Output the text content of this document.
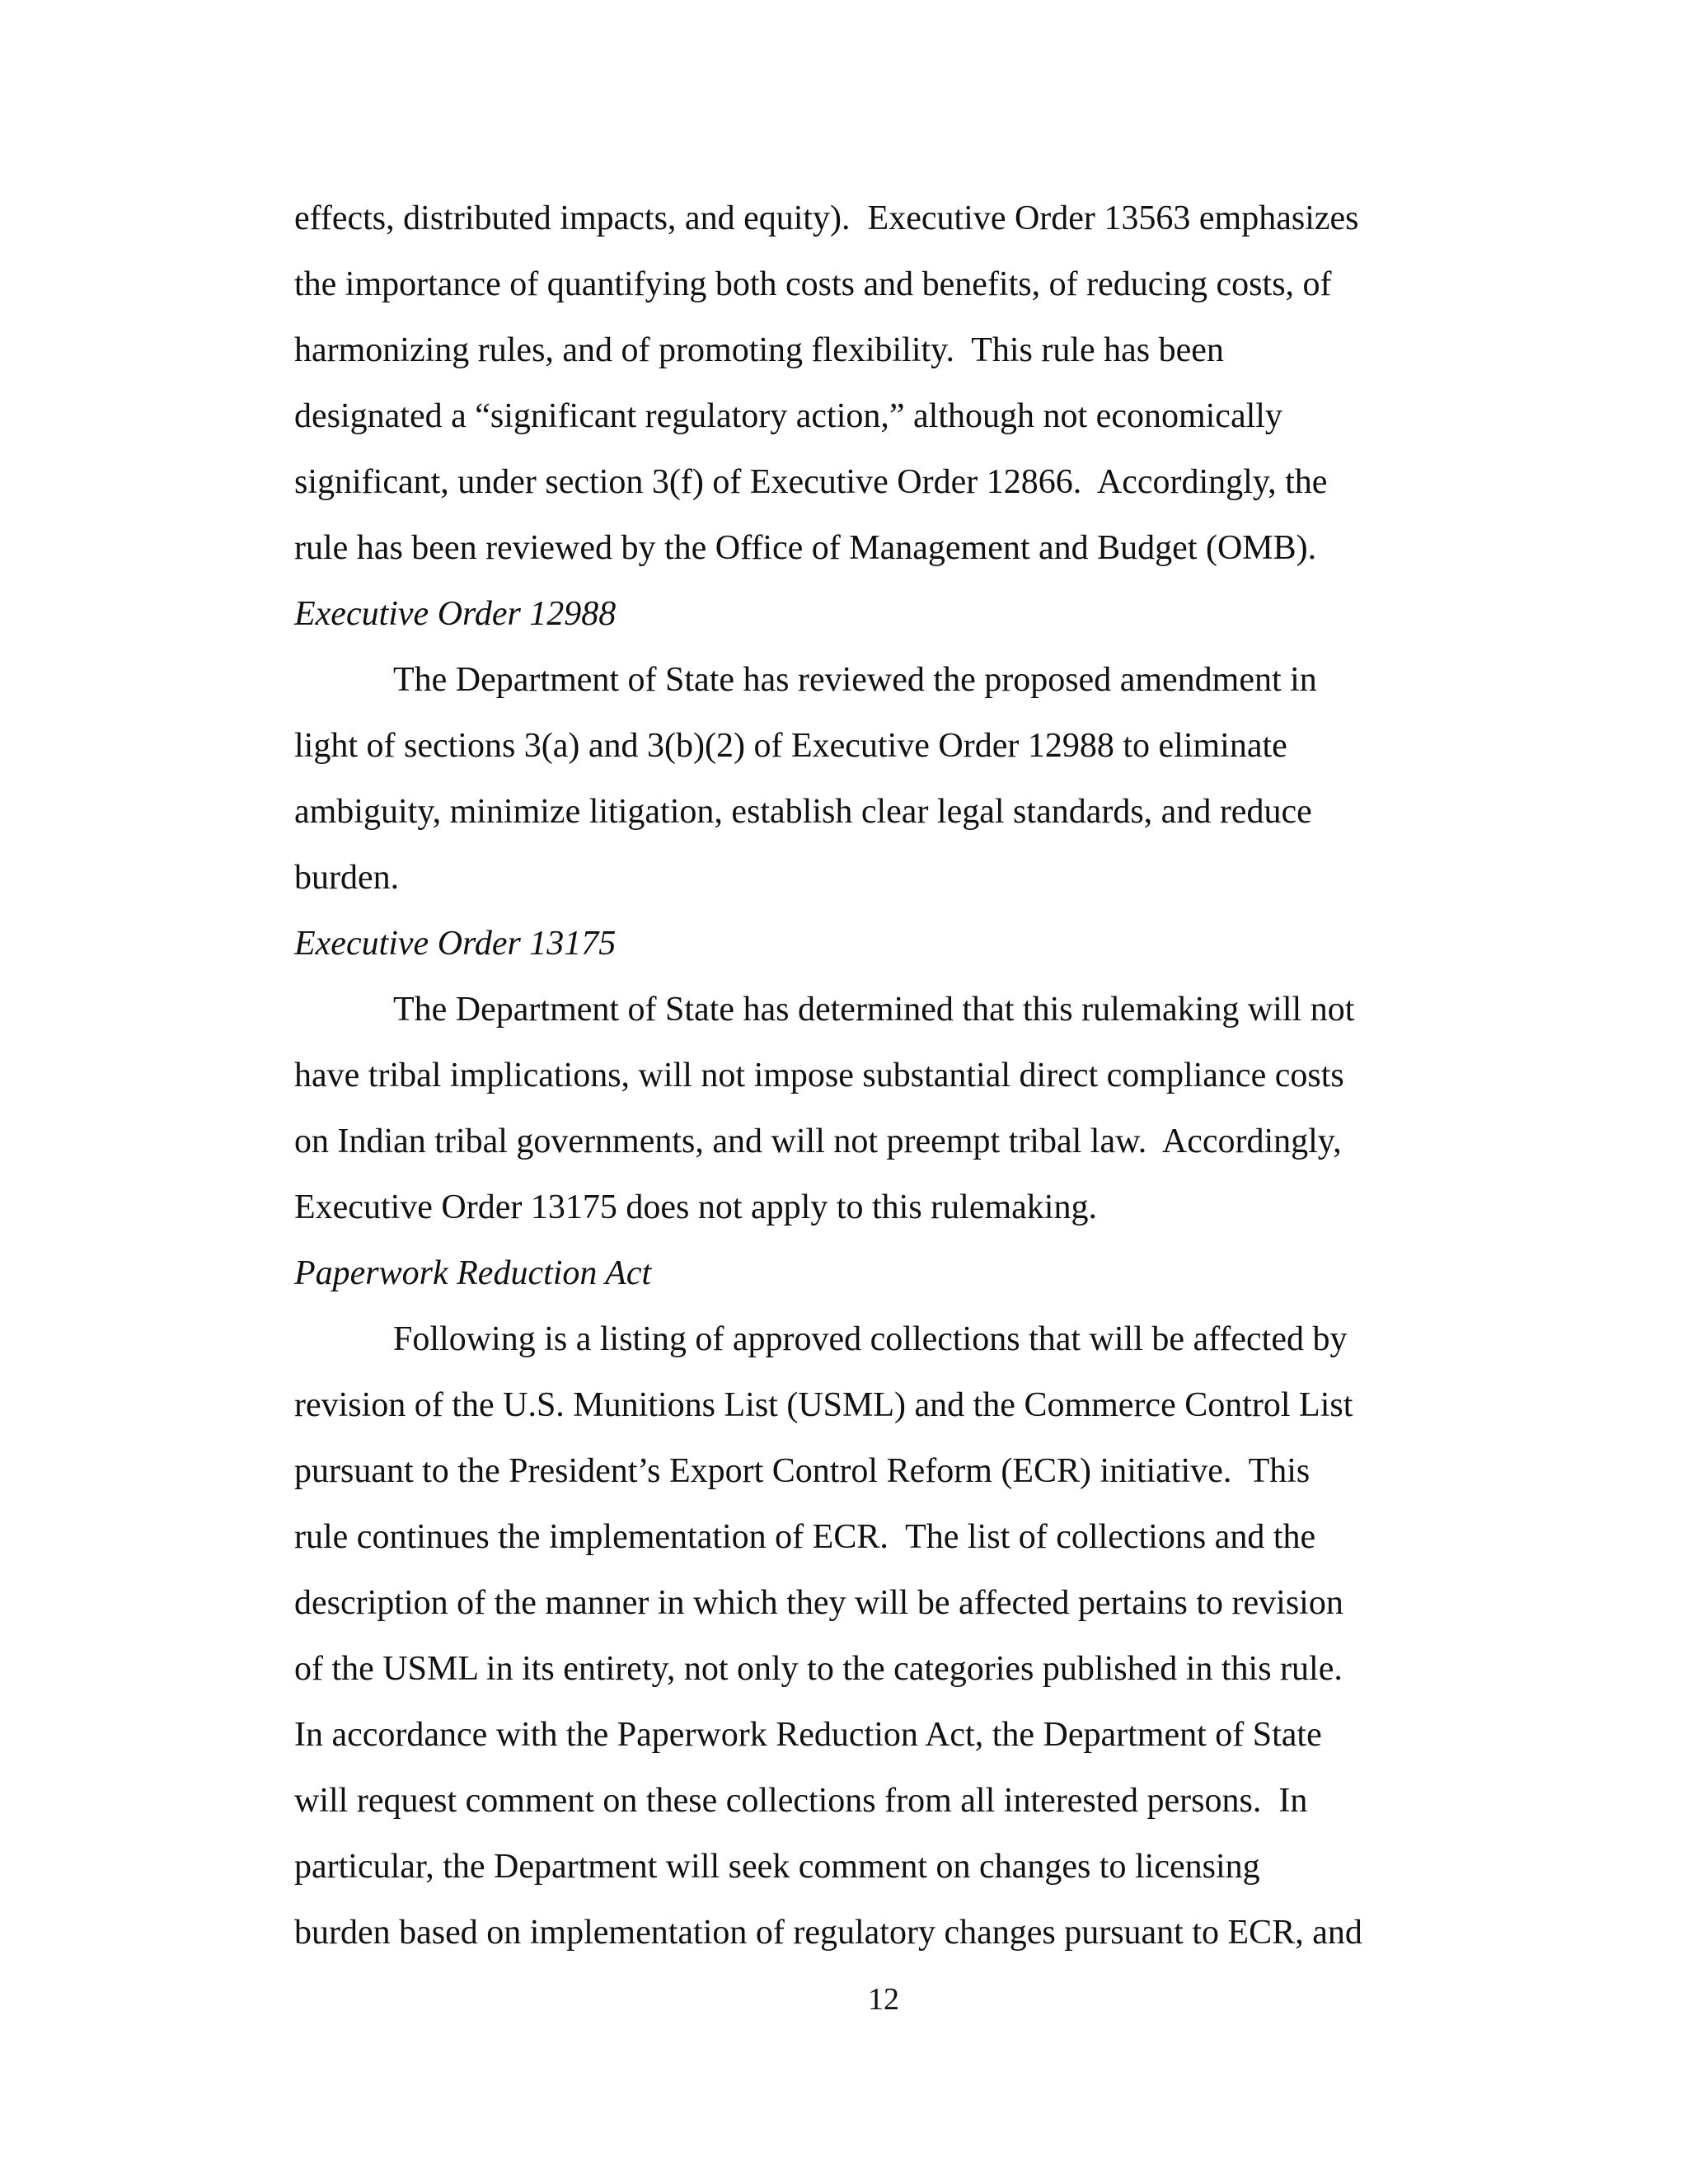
effects, distributed impacts, and equity).  Executive Order 13563 emphasizes
the importance of quantifying both costs and benefits, of reducing costs, of
harmonizing rules, and of promoting flexibility.  This rule has been
designated a “significant regulatory action,” although not economically
significant, under section 3(f) of Executive Order 12866.  Accordingly, the
rule has been reviewed by the Office of Management and Budget (OMB).
Executive Order 12988
The Department of State has reviewed the proposed amendment in
light of sections 3(a) and 3(b)(2) of Executive Order 12988 to eliminate
ambiguity, minimize litigation, establish clear legal standards, and reduce
burden.
Executive Order 13175
The Department of State has determined that this rulemaking will not
have tribal implications, will not impose substantial direct compliance costs
on Indian tribal governments, and will not preempt tribal law.  Accordingly,
Executive Order 13175 does not apply to this rulemaking.
Paperwork Reduction Act
Following is a listing of approved collections that will be affected by
revision of the U.S. Munitions List (USML) and the Commerce Control List
pursuant to the President’s Export Control Reform (ECR) initiative.  This
rule continues the implementation of ECR.  The list of collections and the
description of the manner in which they will be affected pertains to revision
of the USML in its entirety, not only to the categories published in this rule.
In accordance with the Paperwork Reduction Act, the Department of State
will request comment on these collections from all interested persons.  In
particular, the Department will seek comment on changes to licensing
burden based on implementation of regulatory changes pursuant to ECR, and
12
